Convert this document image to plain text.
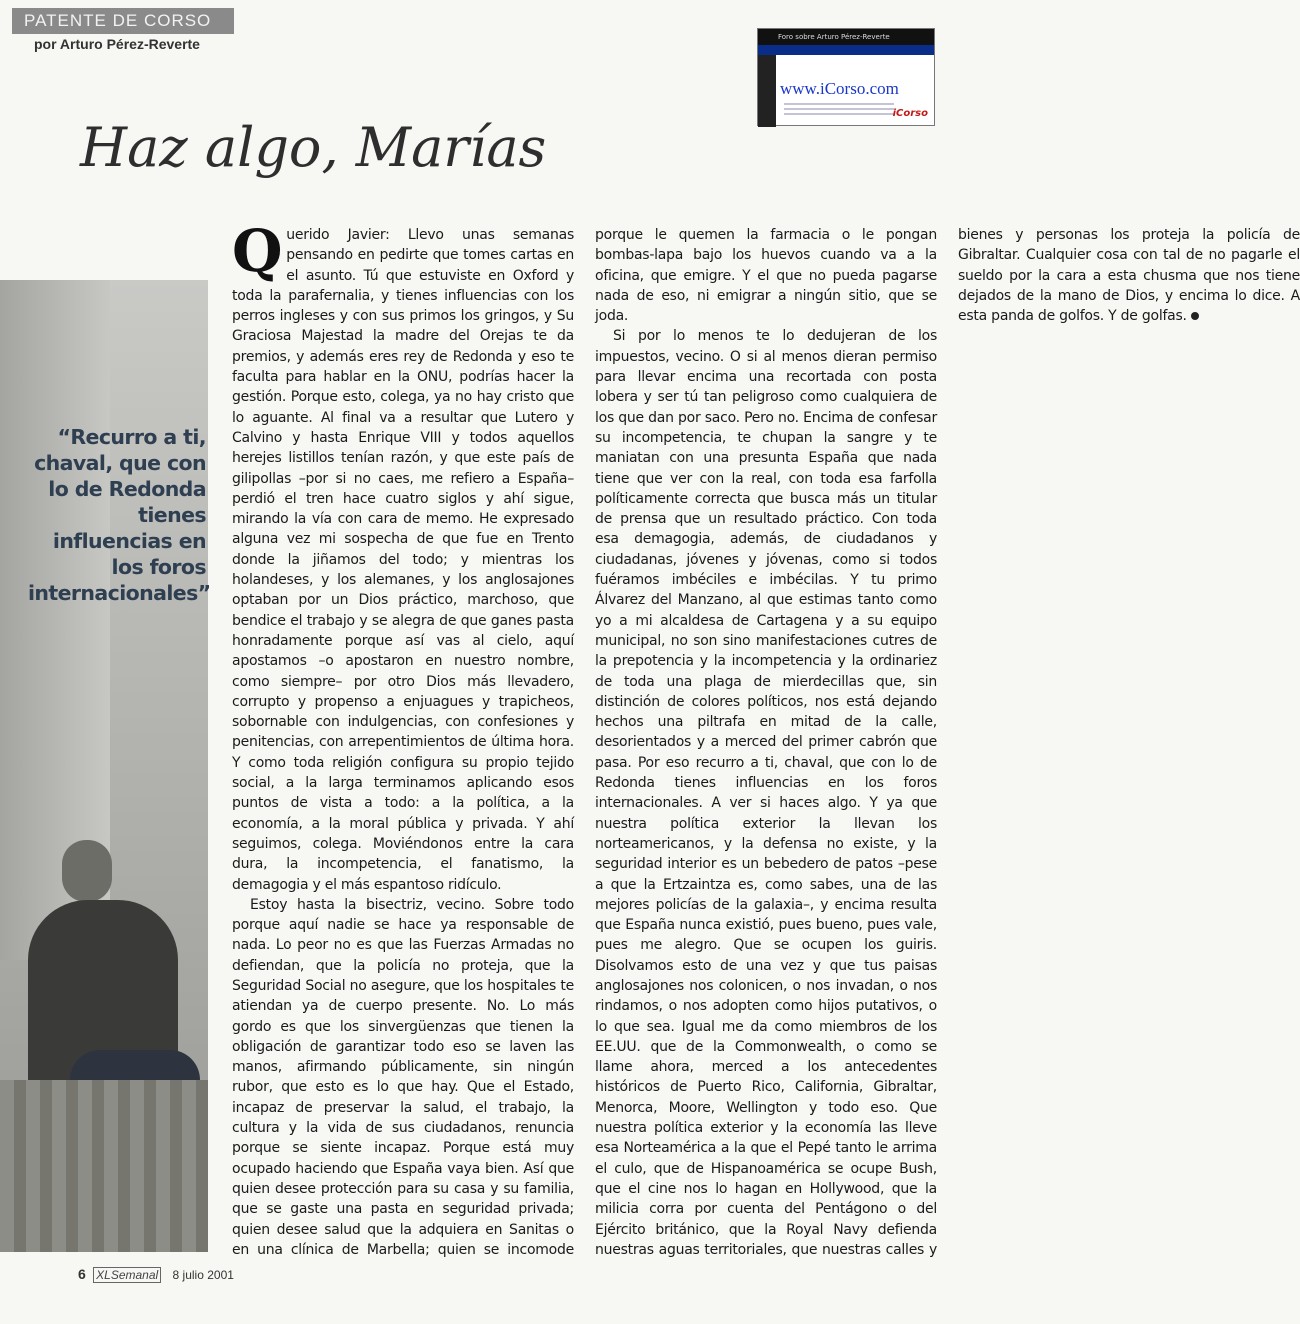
PATENTE DE CORSO
por Arturo Pérez-Reverte	Foro sobre Arturo Pérez-Reverte
www.iCorso.com
iCorso
Haz algo, Marías

“Recurro a ti, chaval, que con lo de Redonda tienes influencias en los foros internacionales”

Querido Javier: Llevo unas semanas pensando en pedirte que tomes cartas en el asunto. Tú que estuviste en Oxford y toda la parafernalia, y tienes influencias con los perros ingleses y con sus primos los gringos, y Su Graciosa Majestad la madre del Orejas te da premios, y además eres rey de Redonda y eso te faculta para hablar en la ONU, podrías hacer la gestión. Porque esto, colega, ya no hay cristo que lo aguante. Al final va a resultar que Lutero y Calvino y hasta Enrique VIII y todos aquellos herejes listillos tenían razón, y que este país de gilipollas –por si no caes, me refiero a España– perdió el tren hace cuatro siglos y ahí sigue, mirando la vía con cara de memo. He expresado alguna vez mi sospecha de que fue en Trento donde la jiñamos del todo; y mientras los holandeses, y los alemanes, y los anglosajones optaban por un Dios práctico, marchoso, que bendice el trabajo y se alegra de que ganes pasta honradamente porque así vas al cielo, aquí apostamos –o apostaron en nuestro nombre, como siempre– por otro Dios más llevadero, corrupto y propenso a enjuagues y trapicheos, sobornable con indulgencias, con confesiones y penitencias, con arrepentimientos de última hora. Y como toda religión configura su propio tejido social, a la larga terminamos aplicando esos puntos de vista a todo: a la política, a la economía, a la moral pública y privada. Y ahí seguimos, colega. Moviéndonos entre la cara dura, la incompetencia, el fanatismo, la demagogia y el más espantoso ridículo.

Estoy hasta la bisectriz, vecino. Sobre todo porque aquí nadie se hace ya responsable de nada. Lo peor no es que las Fuerzas Armadas no defiendan, que la policía no proteja, que la Seguridad Social no asegure, que los hospitales te atiendan ya de cuerpo presente. No. Lo más gordo es que los sinvergüenzas que tienen la obligación de garantizar todo eso se laven las manos, afirmando públicamente, sin ningún rubor, que esto es lo que hay. Que el Estado, incapaz de preservar la salud, el trabajo, la cultura y la vida de sus ciudadanos, renuncia porque se siente incapaz. Porque está muy ocupado haciendo que España vaya bien. Así que quien desee protección para su casa y su familia, que se gaste una pasta en seguridad privada; quien desee salud que la adquiera en Sanitas o en una clínica de Marbella; quien se incomode porque le quemen la farmacia o le pongan bombas-lapa bajo los huevos cuando va a la oficina, que emigre. Y el que no pueda pagarse nada de eso, ni emigrar a ningún sitio, que se joda.

Si por lo menos te lo dedujeran de los impuestos, vecino. O si al menos dieran permiso para llevar encima una recortada con posta lobera y ser tú tan peligroso como cualquiera de los que dan por saco. Pero no. Encima de confesar su incompetencia, te chupan la sangre y te maniatan con una presunta España que nada tiene que ver con la real, con toda esa farfolla políticamente correcta que busca más un titular de prensa que un resultado práctico. Con toda esa demagogia, además, de ciudadanos y ciudadanas, jóvenes y jóvenas, como si todos fuéramos imbéciles e imbécilas. Y tu primo Álvarez del Manzano, al que estimas tanto como yo a mi alcaldesa de Cartagena y a su equipo municipal, no son sino manifestaciones cutres de la prepotencia y la incompetencia y la ordinariez de toda una plaga de mierdecillas que, sin distinción de colores políticos, nos está dejando hechos una piltrafa en mitad de la calle, desorientados y a merced del primer cabrón que pasa. Por eso recurro a ti, chaval, que con lo de Redonda tienes influencias en los foros internacionales. A ver si haces algo. Y ya que nuestra política exterior la llevan los norteamericanos, y la defensa no existe, y la seguridad interior es un bebedero de patos –pese a que la Ertzaintza es, como sabes, una de las mejores policías de la galaxia–, y encima resulta que España nunca existió, pues bueno, pues vale, pues me alegro. Que se ocupen los guiris. Disolvamos esto de una vez y que tus paisas anglosajones nos colonicen, o nos invadan, o nos rindamos, o nos adopten como hijos putativos, o lo que sea. Igual me da como miembros de los EE.UU. que de la Commonwealth, o como se llame ahora, merced a los antecedentes históricos de Puerto Rico, California, Gibraltar, Menorca, Moore, Wellington y todo eso. Que nuestra política exterior y la economía las lleve esa Norteamérica a la que el Pepé tanto le arrima el culo, que de Hispanoamérica se ocupe Bush, que el cine nos lo hagan en Hollywood, que la milicia corra por cuenta del Pentágono o del Ejército británico, que la Royal Navy defienda nuestras aguas territoriales, que nuestras calles y bienes y personas los proteja la policía de Gibraltar. Cualquier cosa con tal de no pagarle el sueldo por la cara a esta chusma que nos tiene dejados de la mano de Dios, y encima lo dice. A esta panda de golfos. Y de golfas.

6 XLSemanal 8 julio 2001
